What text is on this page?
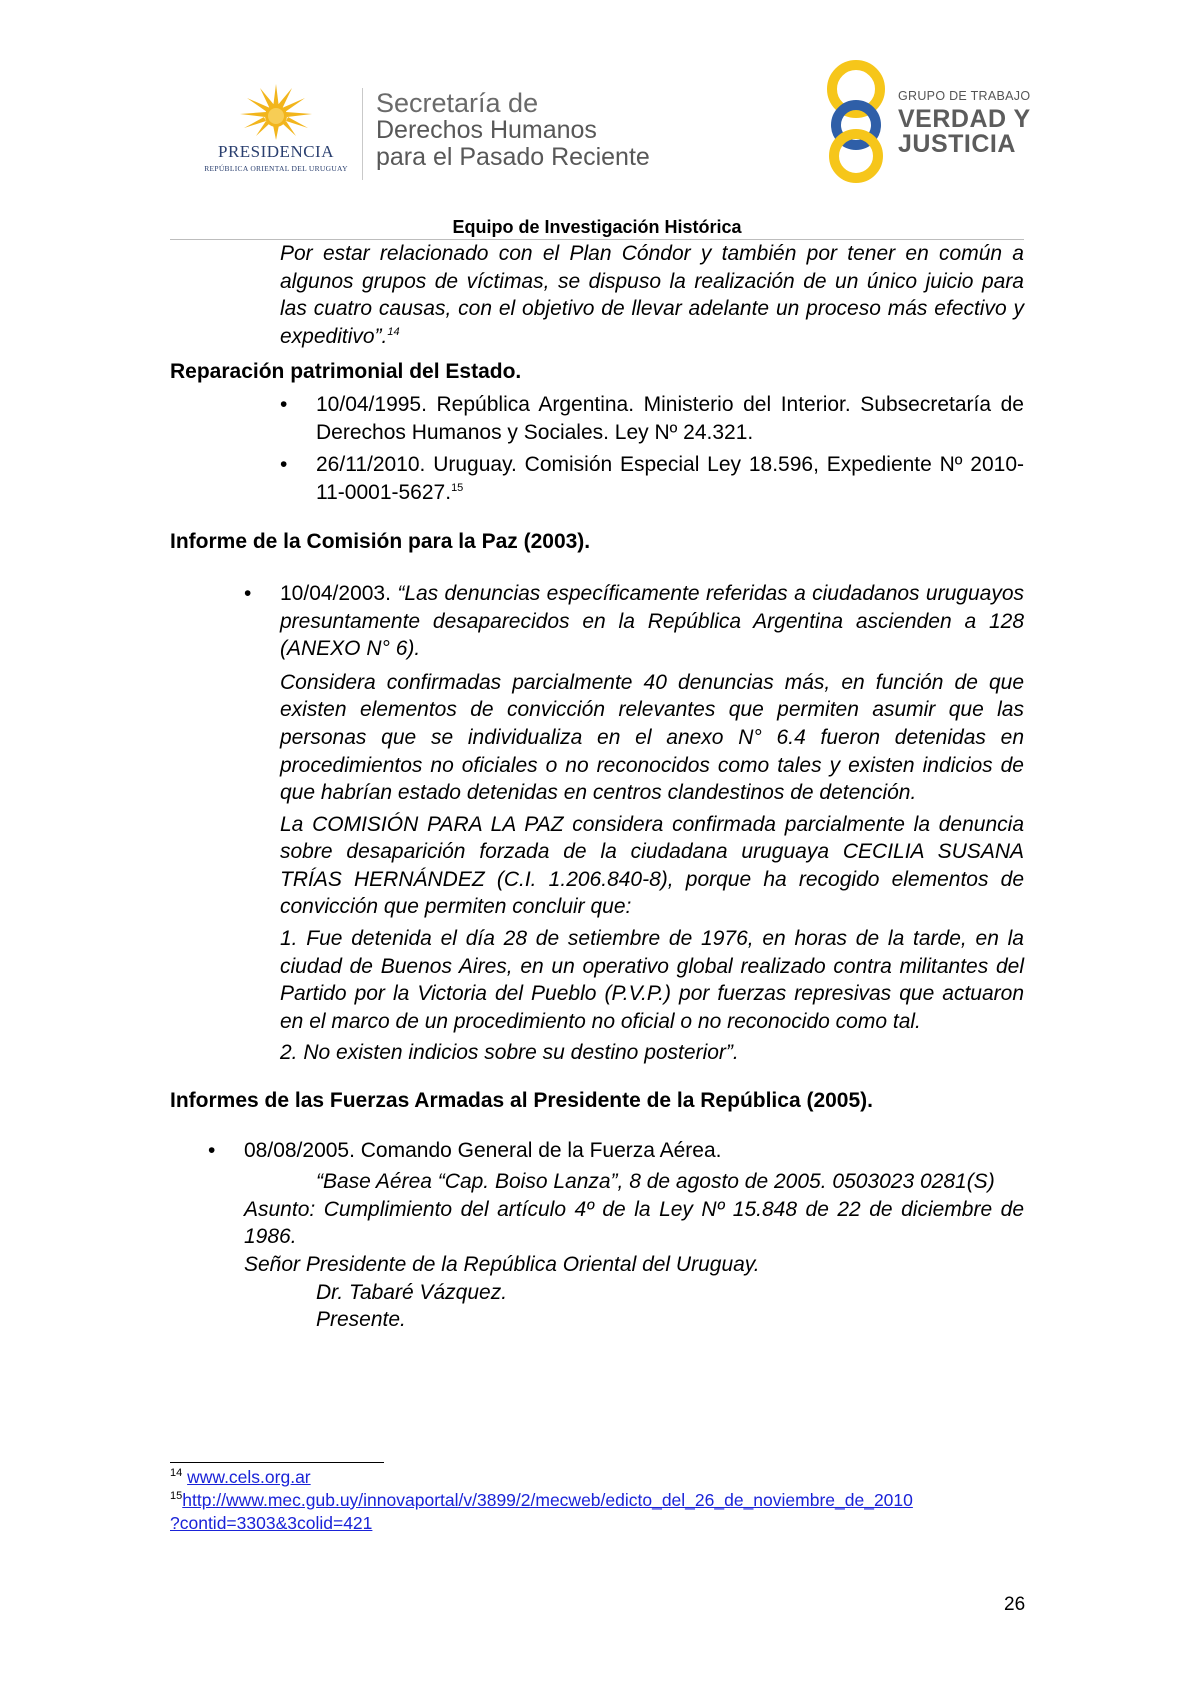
PRESIDENCIA
REPÚBLICA ORIENTAL DEL URUGUAY
Secretaría de
Derechos Humanos
para el Pasado Reciente
GRUPO DE TRABAJO
VERDAD Y
JUSTICIA
Equipo de Investigación Histórica

Por estar relacionado con el Plan Cóndor y también por tener en común a algunos grupos de víctimas, se dispuso la realización de un único juicio para las cuatro causas, con el objetivo de llevar adelante un proceso más efectivo y expeditivo”.$^{14}$

Reparación patrimonial del Estado.

• 10/04/1995. República Argentina. Ministerio del Interior. Subsecretaría de Derechos Humanos y Sociales. Ley Nº 24.321.

• 26/11/2010. Uruguay. Comisión Especial Ley 18.596, Expediente Nº 2010-11-0001-5627.15

Informe de la Comisión para la Paz (2003).

• 10/04/2003. “Las denuncias específicamente referidas a ciudadanos uruguayos presuntamente desaparecidos en la República Argentina ascienden a 128 (ANEXO N° 6).

Considera confirmadas parcialmente 40 denuncias más, en función de que existen elementos de convicción relevantes que permiten asumir que las personas que se individualiza en el anexo N° 6.4 fueron detenidas en procedimientos no oficiales o no reconocidos como tales y existen indicios de que habrían estado detenidas en centros clandestinos de detención.

La COMISIÓN PARA LA PAZ considera confirmada parcialmente la denuncia sobre desaparición forzada de la ciudadana uruguaya CECILIA SUSANA TRÍAS HERNÁNDEZ (C.I. 1.206.840-8), porque ha recogido elementos de convicción que permiten concluir que:

1. Fue detenida el día 28 de setiembre de 1976, en horas de la tarde, en la ciudad de Buenos Aires, en un operativo global realizado contra militantes del Partido por la Victoria del Pueblo (P.V.P.) por fuerzas represivas que actuaron en el marco de un procedimiento no oficial o no reconocido como tal.

2. No existen indicios sobre su destino posterior”.

Informes de las Fuerzas Armadas al Presidente de la República (2005).

• 08/08/2005. Comando General de la Fuerza Aérea.

“Base Aérea “Cap. Boiso Lanza”, 8 de agosto de 2005. 0503023 0281(S)

Asunto: Cumplimiento del artículo 4º de la Ley Nº 15.848 de 22 de diciembre de 1986.

Señor Presidente de la República Oriental del Uruguay.

Dr. Tabaré Vázquez.

Presente.

$^{14}$ www.cels.org.ar
$^{15}$http://www.mec.gub.uy/innovaportal/v/3899/2/mecweb/edicto_del_26_de_noviembre_de_2010
?contid=3303&3colid=421
26
